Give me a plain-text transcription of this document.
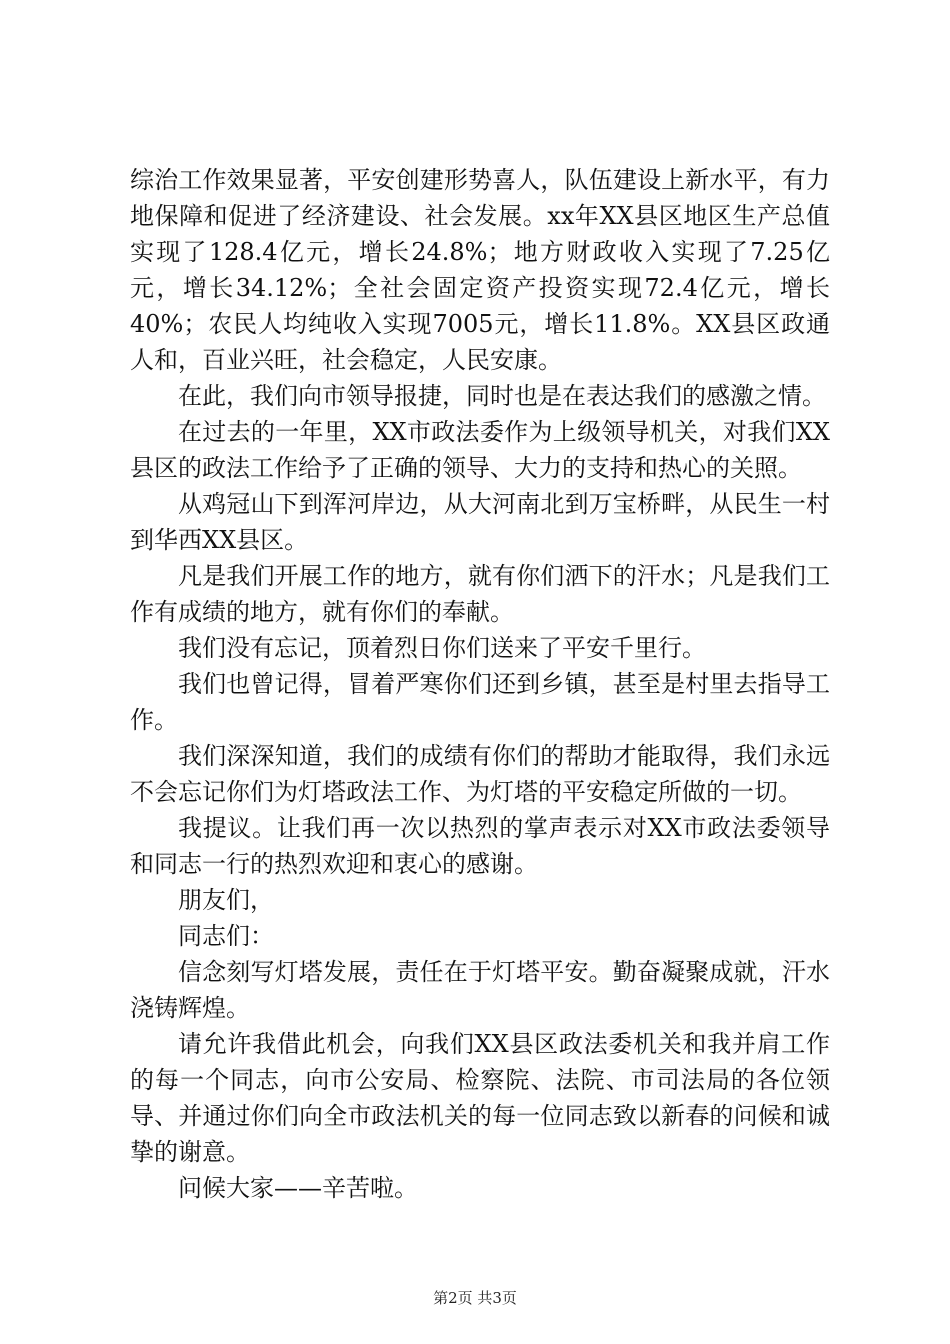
综治工作效果显著，平安创建形势喜人，队伍建设上新水平，有力地保障和促进了经济建设、社会发展。xx年XX县区地区生产总值实现了128.4亿元，增长24.8%；地方财政收入实现了7.25亿元，增长34.12%；全社会固定资产投资实现72.4亿元，增长40%；农民人均纯收入实现7005元，增长11.8%。XX县区政通人和，百业兴旺，社会稳定，人民安康。

在此，我们向市领导报捷，同时也是在表达我们的感激之情。

在过去的一年里，XX市政法委作为上级领导机关，对我们XX县区的政法工作给予了正确的领导、大力的支持和热心的关照。

从鸡冠山下到浑河岸边，从大河南北到万宝桥畔，从民生一村到华西XX县区。

凡是我们开展工作的地方，就有你们洒下的汗水；凡是我们工作有成绩的地方，就有你们的奉献。

我们没有忘记，顶着烈日你们送来了平安千里行。

我们也曾记得，冒着严寒你们还到乡镇，甚至是村里去指导工作。

我们深深知道，我们的成绩有你们的帮助才能取得，我们永远不会忘记你们为灯塔政法工作、为灯塔的平安稳定所做的一切。

我提议。让我们再一次以热烈的掌声表示对XX市政法委领导和同志一行的热烈欢迎和衷心的感谢。

朋友们，

同志们：

信念刻写灯塔发展，责任在于灯塔平安。勤奋凝聚成就，汗水浇铸辉煌。

请允许我借此机会，向我们XX县区政法委机关和我并肩工作的每一个同志，向市公安局、检察院、法院、市司法局的各位领导、并通过你们向全市政法机关的每一位同志致以新春的问候和诚挚的谢意。

问候大家——辛苦啦。

第2页 共3页
